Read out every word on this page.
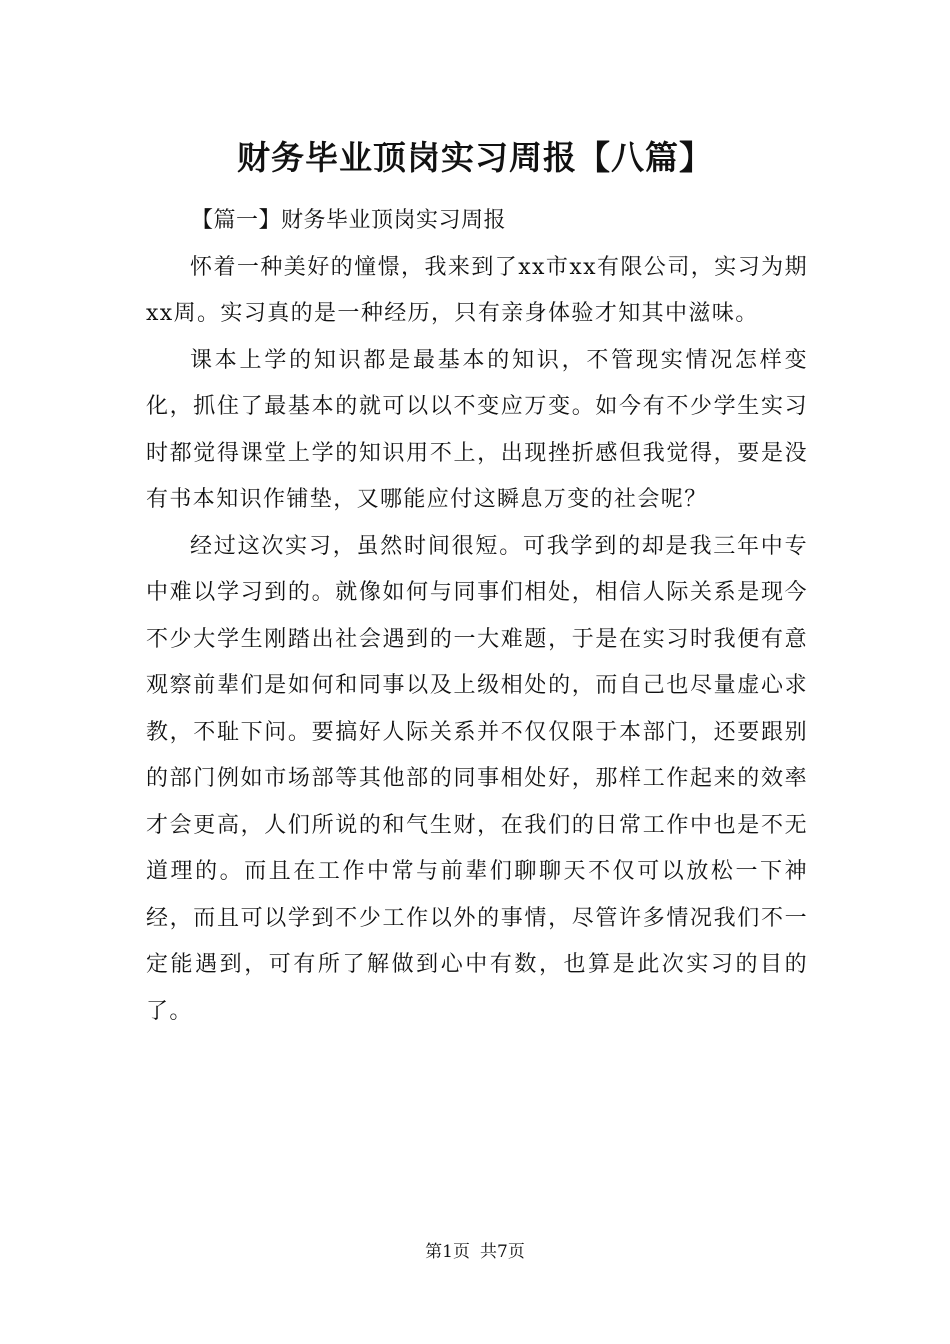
财务毕业顶岗实习周报【八篇】

【篇一】财务毕业顶岗实习周报

怀着一种美好的憧憬，我来到了xx市xx有限公司，实习为期xx周。实习真的是一种经历，只有亲身体验才知其中滋味。

课本上学的知识都是最基本的知识，不管现实情况怎样变化，抓住了最基本的就可以以不变应万变。如今有不少学生实习时都觉得课堂上学的知识用不上，出现挫折感但我觉得，要是没有书本知识作铺垫，又哪能应付这瞬息万变的社会呢？

经过这次实习，虽然时间很短。可我学到的却是我三年中专中难以学习到的。就像如何与同事们相处，相信人际关系是现今不少大学生刚踏出社会遇到的一大难题，于是在实习时我便有意观察前辈们是如何和同事以及上级相处的，而自己也尽量虚心求教，不耻下问。要搞好人际关系并不仅仅限于本部门，还要跟别的部门例如市场部等其他部的同事相处好，那样工作起来的效率才会更高，人们所说的和气生财，在我们的日常工作中也是不无道理的。而且在工作中常与前辈们聊聊天不仅可以放松一下神经，而且可以学到不少工作以外的事情，尽管许多情况我们不一定能遇到，可有所了解做到心中有数，也算是此次实习的目的了。

第1页 共7页
